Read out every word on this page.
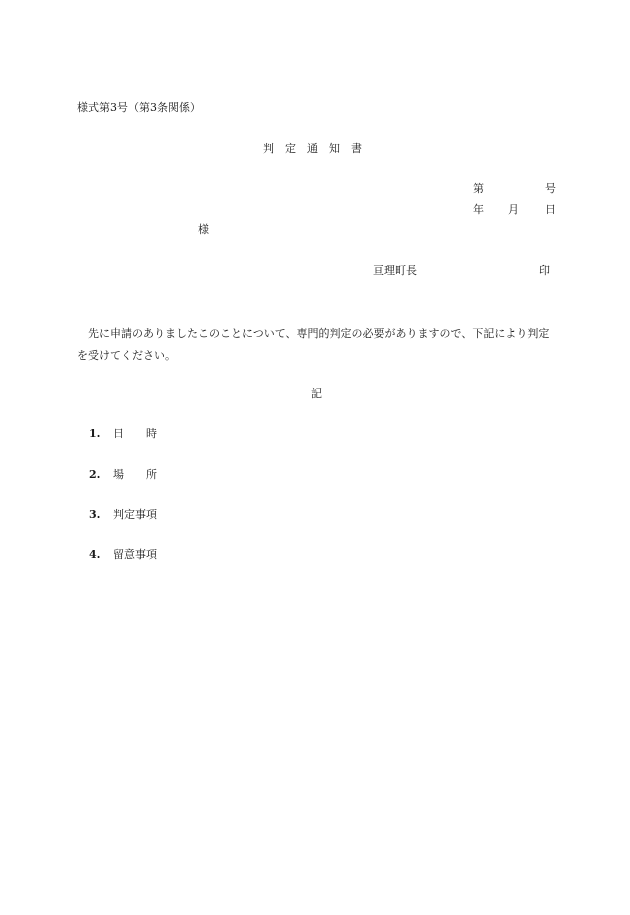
様式第3号（第3条関係）
判　定　通　知　書
第	号
年 月 日
様
亘理町長	印
先に申請のありましたこのことについて、専門的判定の必要がありますので、下記により判定を受けてください。
記
1. 日　　時
2. 場　　所
3. 判定事項
4. 留意事項
